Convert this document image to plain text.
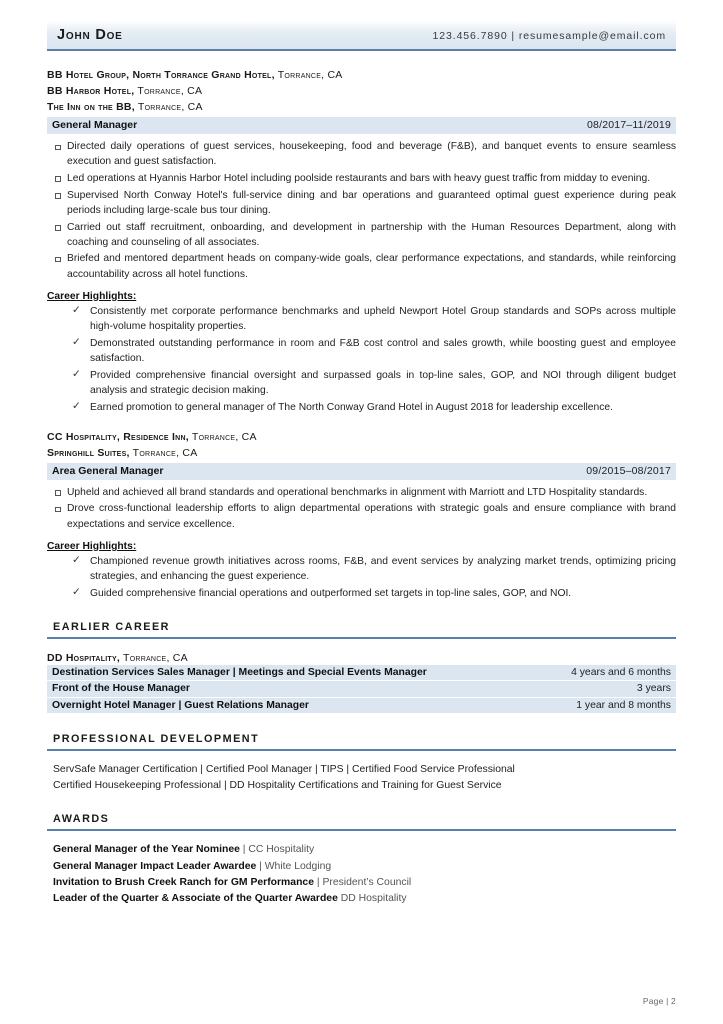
John Doe	123.456.7890 | resumesample@email.com
BB Hotel Group, North Torrance Grand Hotel, Torrance, CA
BB Harbor Hotel, Torrance, CA
The Inn on the BB, Torrance, CA
General Manager	08/2017–11/2019
Directed daily operations of guest services, housekeeping, food and beverage (F&B), and banquet events to ensure seamless execution and guest satisfaction.
Led operations at Hyannis Harbor Hotel including poolside restaurants and bars with heavy guest traffic from midday to evening.
Supervised North Conway Hotel's full-service dining and bar operations and guaranteed optimal guest experience during peak periods including large-scale bus tour dining.
Carried out staff recruitment, onboarding, and development in partnership with the Human Resources Department, along with coaching and counseling of all associates.
Briefed and mentored department heads on company-wide goals, clear performance expectations, and standards, while reinforcing accountability across all hotel functions.
Career Highlights:
✓ Consistently met corporate performance benchmarks and upheld Newport Hotel Group standards and SOPs across multiple high-volume hospitality properties.
✓ Demonstrated outstanding performance in room and F&B cost control and sales growth, while boosting guest and employee satisfaction.
✓ Provided comprehensive financial oversight and surpassed goals in top-line sales, GOP, and NOI through diligent budget analysis and strategic decision making.
✓ Earned promotion to general manager of The North Conway Grand Hotel in August 2018 for leadership excellence.
CC Hospitality, Residence Inn, Torrance, CA
Springhill Suites, Torrance, CA
Area General Manager	09/2015–08/2017
Upheld and achieved all brand standards and operational benchmarks in alignment with Marriott and LTD Hospitality standards.
Drove cross-functional leadership efforts to align departmental operations with strategic goals and ensure compliance with brand expectations and service excellence.
Career Highlights:
✓ Championed revenue growth initiatives across rooms, F&B, and event services by analyzing market trends, optimizing pricing strategies, and enhancing the guest experience.
✓ Guided comprehensive financial operations and outperformed set targets in top-line sales, GOP, and NOI.
EARLIER CAREER
DD Hospitality, Torrance, CA
Destination Services Sales Manager | Meetings and Special Events Manager	4 years and 6 months
Front of the House Manager	3 years
Overnight Hotel Manager | Guest Relations Manager	1 year and 8 months
PROFESSIONAL DEVELOPMENT
ServSafe Manager Certification | Certified Pool Manager | TIPS | Certified Food Service Professional
Certified Housekeeping Professional | DD Hospitality Certifications and Training for Guest Service
AWARDS
General Manager of the Year Nominee | CC Hospitality
General Manager Impact Leader Awardee | White Lodging
Invitation to Brush Creek Ranch for GM Performance | President’s Council
Leader of the Quarter & Associate of the Quarter Awardee DD Hospitality
Page | 2
